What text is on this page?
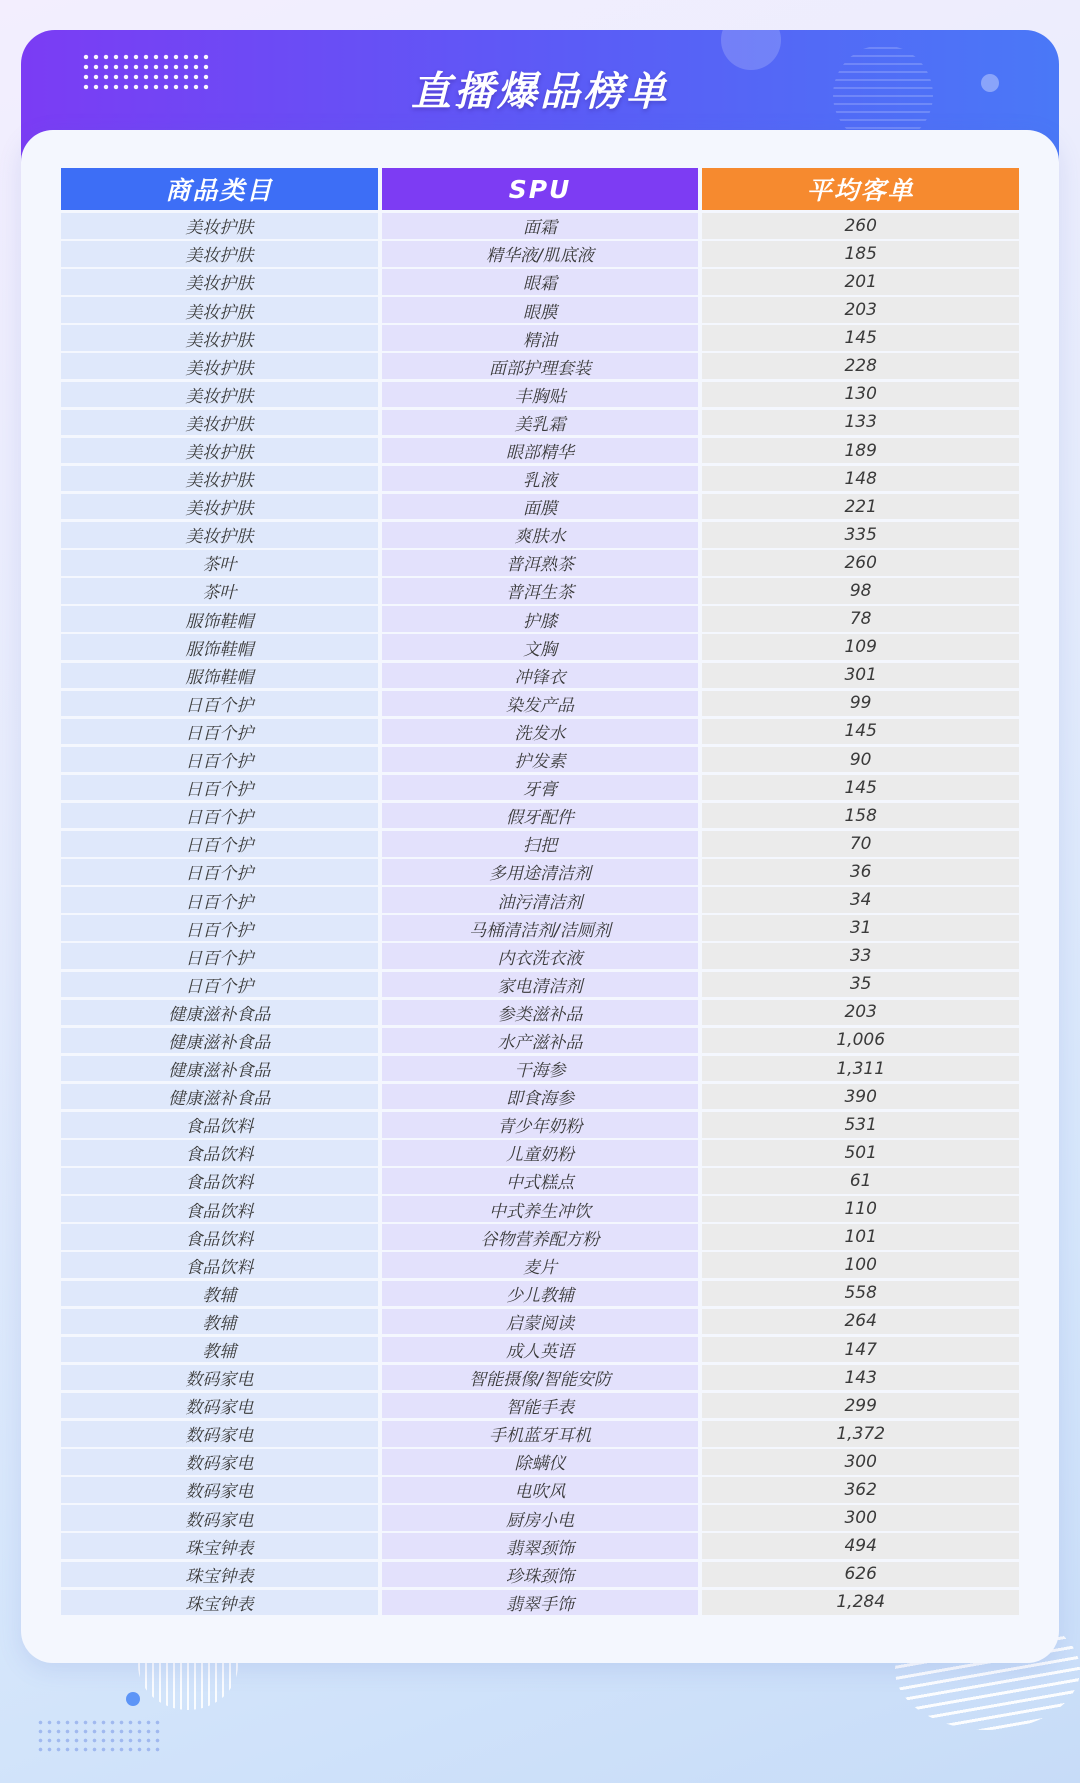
直播爆品榜单
商品类目	SPU	平均客单
美妆护肤	面霜	260
美妆护肤	精华液/肌底液	185
美妆护肤	眼霜	201
美妆护肤	眼膜	203
美妆护肤	精油	145
美妆护肤	面部护理套装	228
美妆护肤	丰胸贴	130
美妆护肤	美乳霜	133
美妆护肤	眼部精华	189
美妆护肤	乳液	148
美妆护肤	面膜	221
美妆护肤	爽肤水	335
茶叶	普洱熟茶	260
茶叶	普洱生茶	98
服饰鞋帽	护膝	78
服饰鞋帽	文胸	109
服饰鞋帽	冲锋衣	301
日百个护	染发产品	99
日百个护	洗发水	145
日百个护	护发素	90
日百个护	牙膏	145
日百个护	假牙配件	158
日百个护	扫把	70
日百个护	多用途清洁剂	36
日百个护	油污清洁剂	34
日百个护	马桶清洁剂/洁厕剂	31
日百个护	内衣洗衣液	33
日百个护	家电清洁剂	35
健康滋补食品	参类滋补品	203
健康滋补食品	水产滋补品	1,006
健康滋补食品	干海参	1,311
健康滋补食品	即食海参	390
食品饮料	青少年奶粉	531
食品饮料	儿童奶粉	501
食品饮料	中式糕点	61
食品饮料	中式养生冲饮	110
食品饮料	谷物营养配方粉	101
食品饮料	麦片	100
教辅	少儿教辅	558
教辅	启蒙阅读	264
教辅	成人英语	147
数码家电	智能摄像/智能安防	143
数码家电	智能手表	299
数码家电	手机蓝牙耳机	1,372
数码家电	除螨仪	300
数码家电	电吹风	362
数码家电	厨房小电	300
珠宝钟表	翡翠颈饰	494
珠宝钟表	珍珠颈饰	626
珠宝钟表	翡翠手饰	1,284
